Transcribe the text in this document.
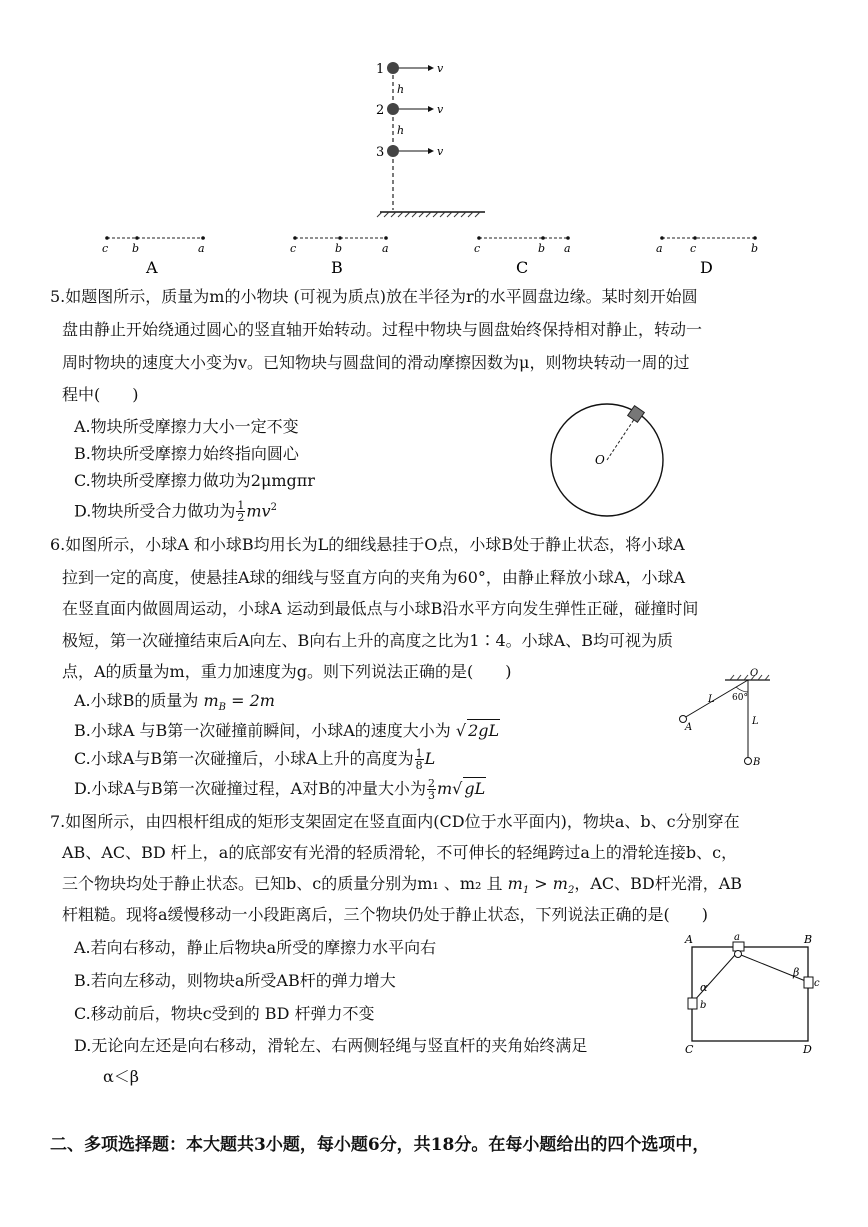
1
2
3
v
v
v
h
h
c b	a
A
c	b	a
B
c	b a
C
a c	b
D
5.如题图所示，质量为m的小物块 (可视为质点)放在半径为r的水平圆盘边缘。某时刻开始圆
盘由静止开始绕通过圆心的竖直轴开始转动。过程中物块与圆盘始终保持相对静止，转动一
周时物块的速度大小变为v。已知物块与圆盘间的滑动摩擦因数为μ，则物块转动一周的过
程中(　　)
A.物块所受摩擦力大小一定不变
B.物块所受摩擦力始终指向圆心
C.物块所受摩擦力做功为2μmgπr
D.物块所受合力做功为 $\frac{1}{2} mv^2$
O
6.如图所示，小球A 和小球B均用长为L的细线悬挂于O点，小球B处于静止状态，将小球A
拉到一定的高度，使悬挂A球的细线与竖直方向的夹角为60°，由静止释放小球A，小球A
在竖直面内做圆周运动，小球A 运动到最低点与小球B沿水平方向发生弹性正碰，碰撞时间
极短，第一次碰撞结束后A向左、B向右上升的高度之比为1∶4。小球A、B均可视为质
点，A的质量为m，重力加速度为g。则下列说法正确的是(　　)
A.小球B的质量为 $m_B = 2m$
B.小球A 与B第一次碰撞前瞬间，小球A的速度大小为 √ 2gL
C.小球A与B第一次碰撞后，小球A上升的高度为 $\frac{1}{8}$ L
D.小球A与B第一次碰撞过程，A对B的冲量大小为 $\frac{2}{3} m√$ gL
O
60°
L
L
A
B
7.如图所示，由四根杆组成的矩形支架固定在竖直面内(CD位于水平面内)，物块a、b、c分别穿在
AB、AC、BD 杆上，a的底部安有光滑的轻质滑轮，不可伸长的轻绳跨过a上的滑轮连接b、c，
三个物块均处于静止状态。已知b、c的质量分别为m₁ 、m₂ 且 $m_1 > m_2$，AC、BD杆光滑，AB
杆粗糙。现将a缓慢移动一小段距离后，三个物块仍处于静止状态，下列说法正确的是(　　)
A.若向右移动，静止后物块a所受的摩擦力水平向右
B.若向左移动，则物块a所受AB杆的弹力增大
C.移动前后，物块c受到的 BD 杆弹力不变
D.无论向左还是向右移动，滑轮左、右两侧轻绳与竖直杆的夹角始终满足
α＜β
A	B
C	D
a
b
c
α
β
二、多项选择题：本大题共3小题，每小题6分，共18分。在每小题给出的四个选项中，
